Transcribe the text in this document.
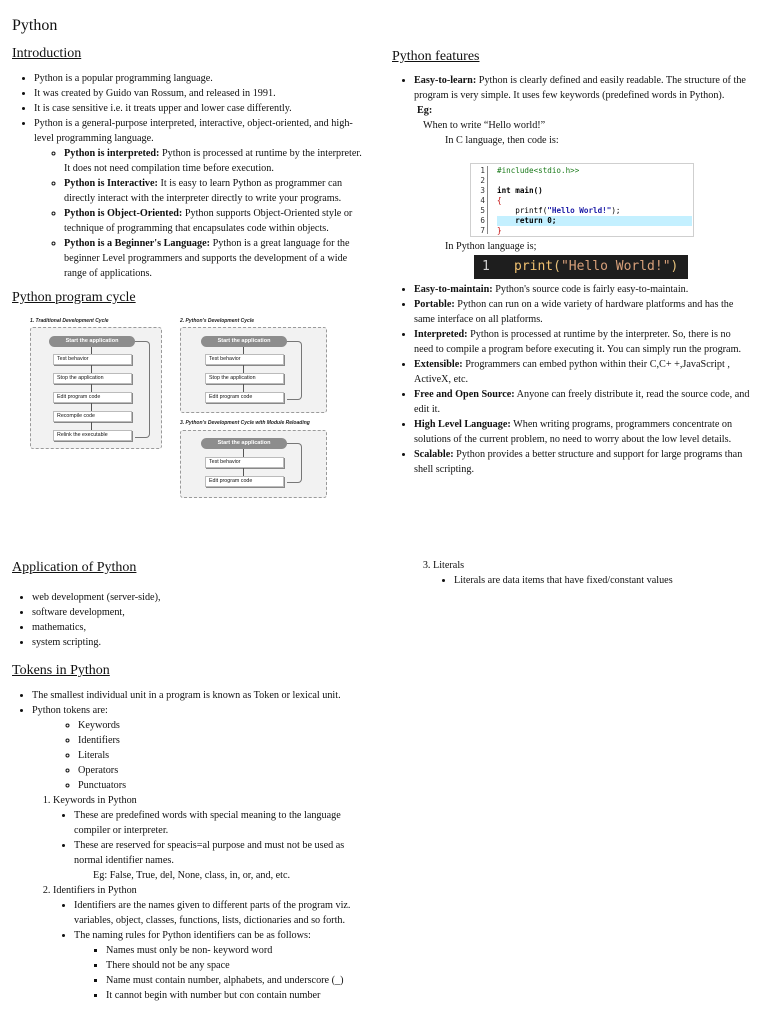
Python
Introduction
• Python is a popular programming language.
• It was created by Guido van Rossum, and released in 1991.
• It is case sensitive i.e. it treats upper and lower case differently.
• Python is a general-purpose interpreted, interactive, object-oriented, and high-level programming language.
◦ Python is interpreted: Python is processed at runtime by the interpreter. It does not need compilation time before execution.
◦ Python is Interactive: It is easy to learn Python as programmer can directly interact with the interpreter directly to write your programs.
◦ Python is Object-Oriented: Python supports Object-Oriented style or technique of programming that encapsulates code within objects.
◦ Python is a Beginner's Language: Python is a great language for the beginner Level programmers and supports the development of a wide range of applications.
Python program cycle
1. Traditional Development Cycle
Start the application
Test behavior
Stop the application
Edit program code
Recompile code
Relink the executable
2. Python's Development Cycle
Start the application
Test behavior
Stop the application
Edit program code
3. Python's Development Cycle with Module Reloading
Start the application
Test behavior
Edit program code
Python features
• Easy-to-learn: Python is clearly defined and easily readable. The structure of the program is very simple. It uses few keywords (predefined words in Python).
Eg:
When to write “Hello world!”
In C language, then code is:
1 #include<stdio.h>>
2
3 int main()
4 {
5 printf("Hello World!");
6 return 0;
7 }
In Python language is;
1 print("Hello World!")
• Easy-to-maintain: Python's source code is fairly easy-to-maintain.
• Portable: Python can run on a wide variety of hardware platforms and has the same interface on all platforms.
• Interpreted: Python is processed at runtime by the interpreter. So, there is no need to compile a program before executing it. You can simply run the program.
• Extensible: Programmers can embed python within their C,C+ +,JavaScript , ActiveX, etc.
• Free and Open Source: Anyone can freely distribute it, read the source code, and edit it.
• High Level Language: When writing programs, programmers concentrate on solutions of the current problem, no need to worry about the low level details.
• Scalable: Python provides a better structure and support for large programs than shell scripting.
Application of Python
• web development (server-side),
• software development,
• mathematics,
• system scripting.
Tokens in Python
• The smallest individual unit in a program is known as Token or lexical unit.
• Python tokens are:
◦ Keywords
◦ Identifiers
◦ Literals
◦ Operators
◦ Punctuators
1. Keywords in Python
• These are predefined words with special meaning to the language compiler or interpreter.
• These are reserved for speacis=al purpose and must not be used as normal identifier names.
Eg: False, True, del, None, class, in, or, and, etc.
2. Identifiers in Python
• Identifiers are the names given to different parts of the program viz. variables, object, classes, functions, lists, dictionaries and so forth.
• The naming rules for Python identifiers can be as follows:
▪ Names must only be non- keyword word
▪ There should not be any space
▪ Name must contain number, alphabets, and underscore (_)
▪ It cannot begin with number but con contain number
3. Literals
• Literals are data items that have fixed/constant values
